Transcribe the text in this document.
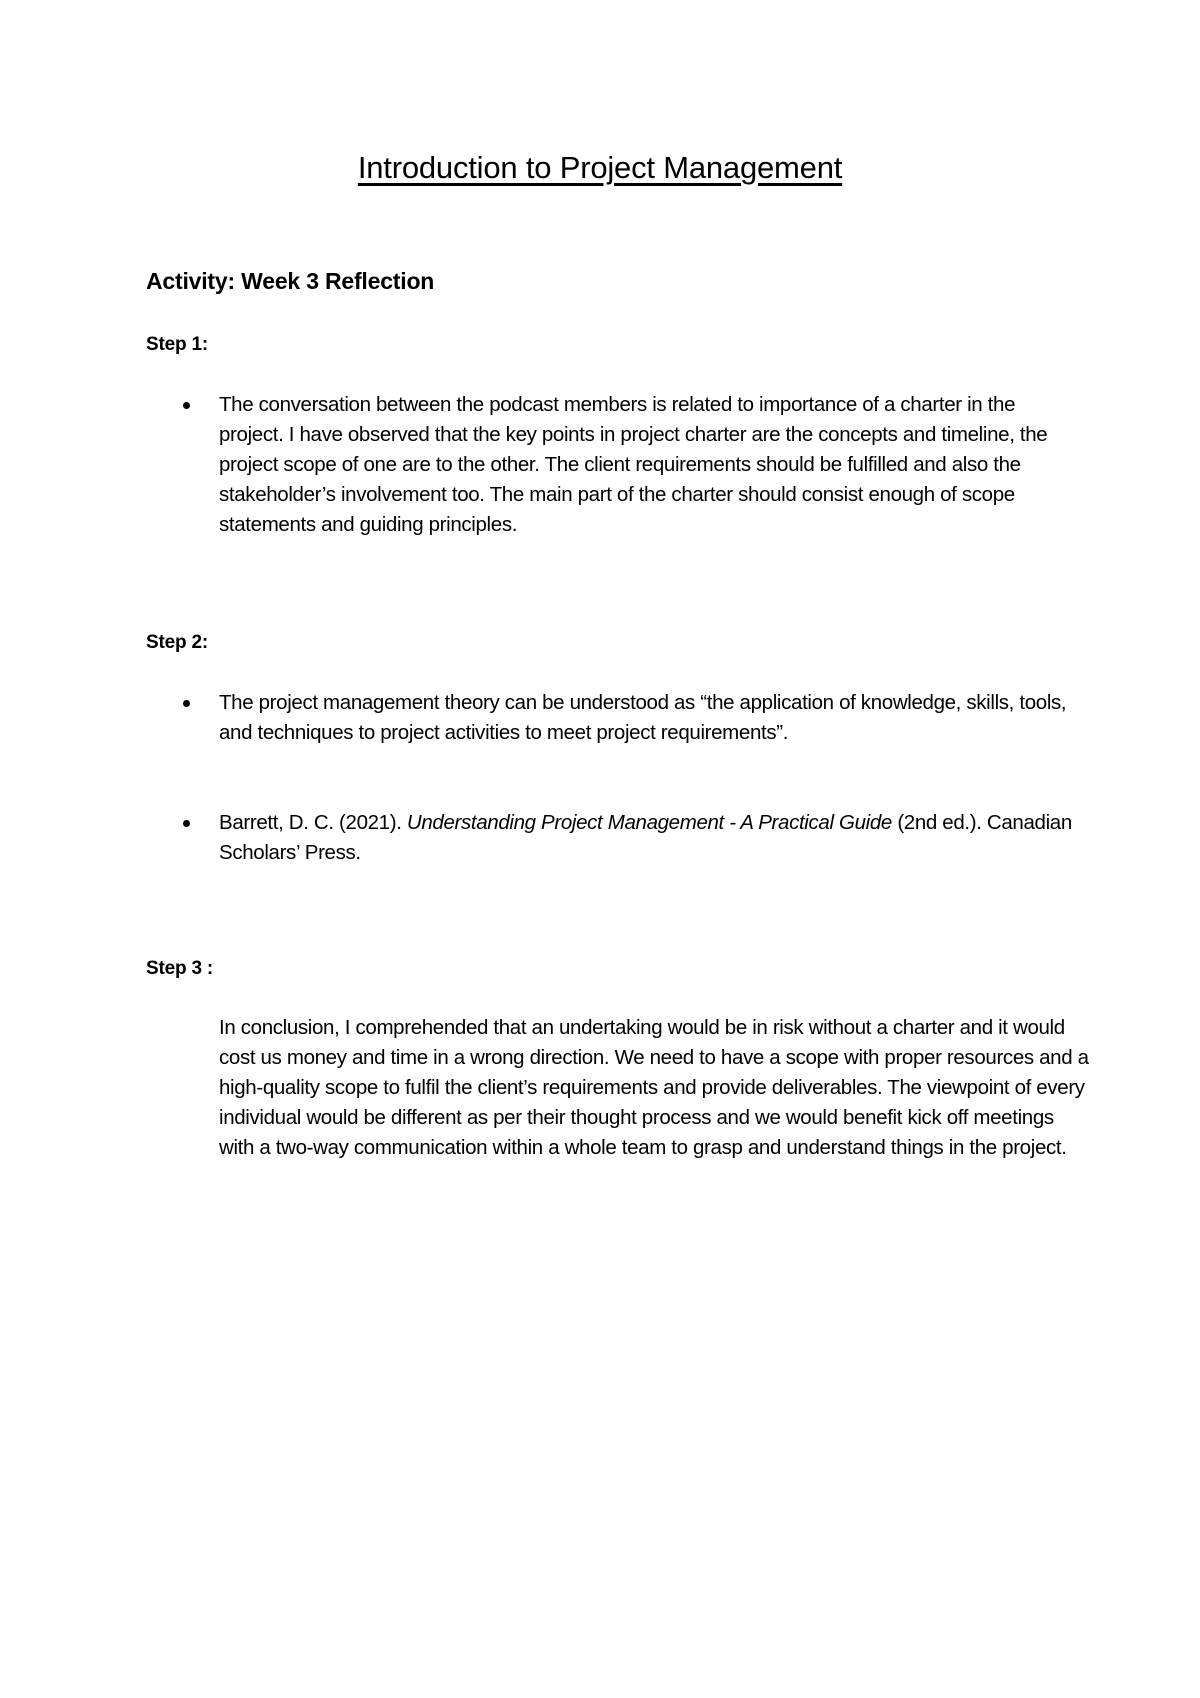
Introduction to Project Management
Activity: Week 3 Reflection
Step 1:
The conversation between the podcast members is related to importance of a charter in the project. I have observed that the key points in project charter are the concepts and timeline, the project scope of one are to the other. The client requirements should be fulfilled and also the stakeholder’s involvement too. The main part of the charter should consist enough of scope statements and guiding principles.
Step 2:
The project management theory can be understood as “the application of knowledge, skills, tools, and techniques to project activities to meet project requirements”.
Barrett, D. C. (2021). Understanding Project Management - A Practical Guide (2nd ed.). Canadian Scholars’ Press.
Step 3 :
In conclusion, I comprehended that an undertaking would be in risk without a charter and it would cost us money and time in a wrong direction. We need to have a scope with proper resources and a high-quality scope to fulfil the client’s requirements and provide deliverables. The viewpoint of every individual would be different as per their thought process and we would benefit kick off meetings with a two-way communication within a whole team to grasp and understand things in the project.
